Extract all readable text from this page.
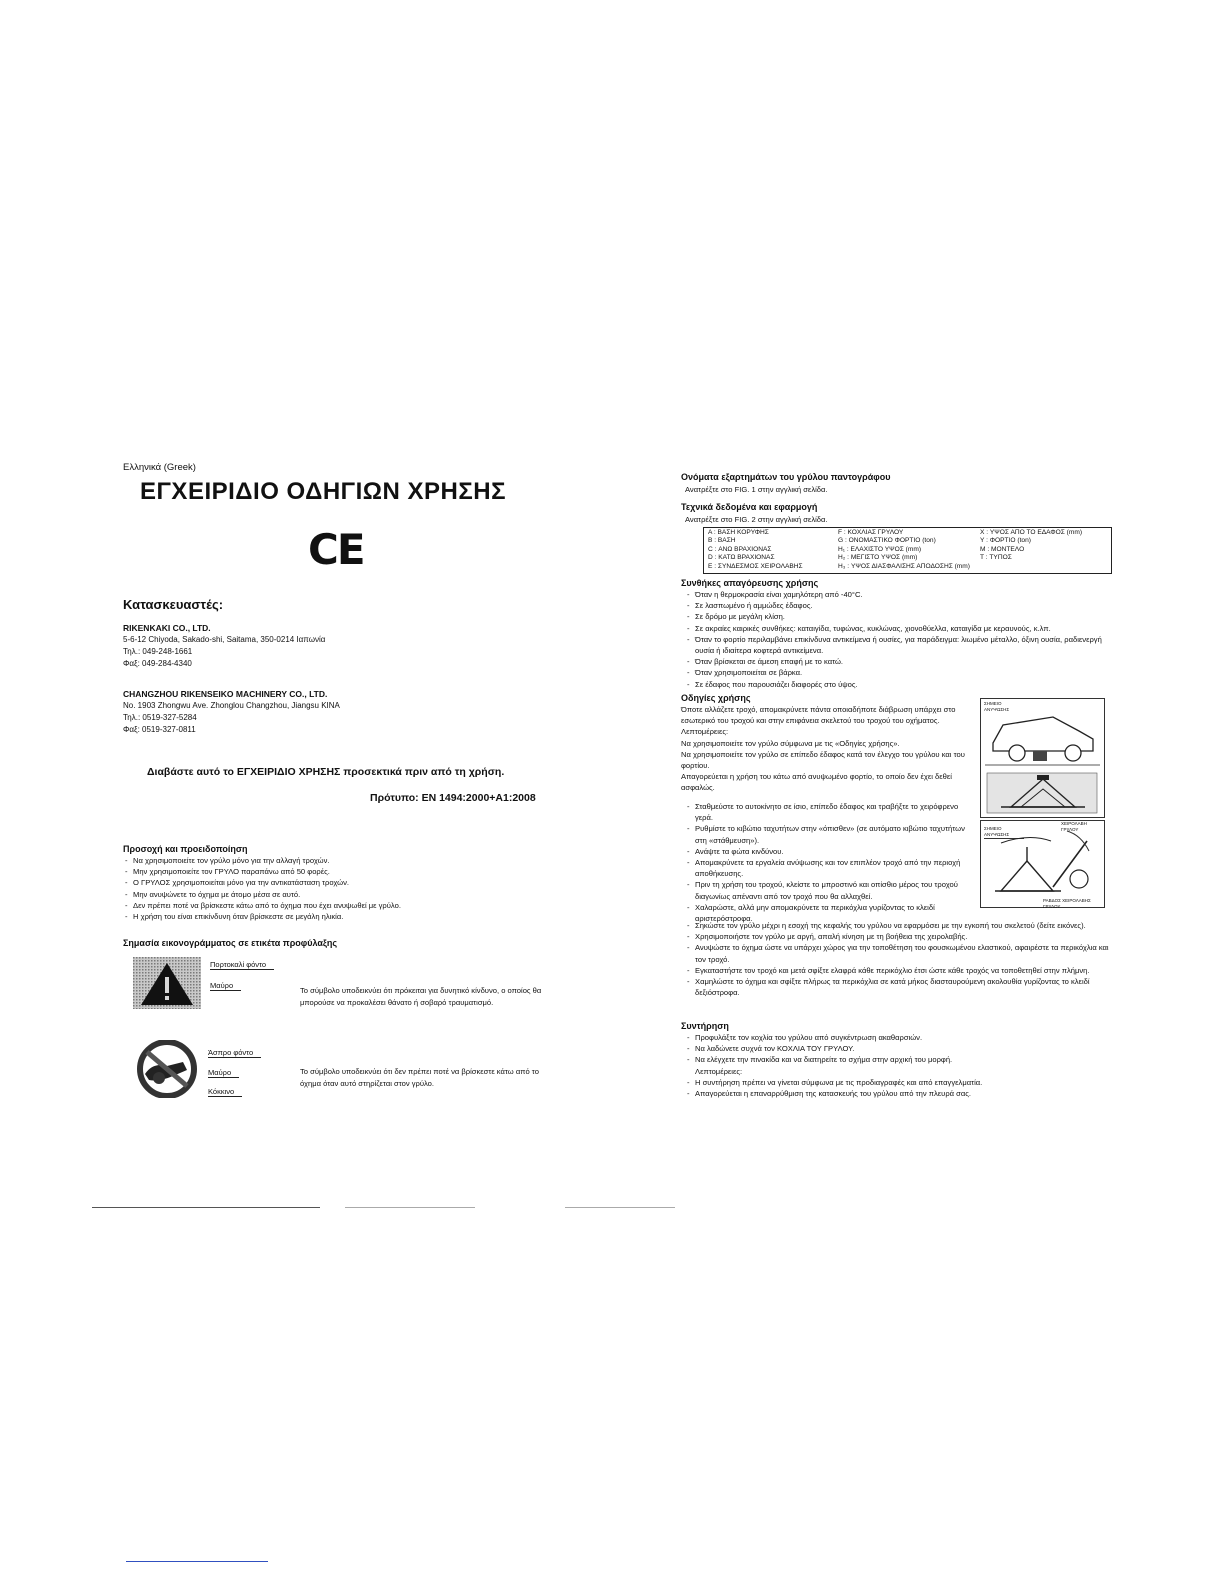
Ελληνικά (Greek)
ΕΓΧΕΙΡΙΔΙΟ ΟΔΗΓΙΩΝ ΧΡΗΣΗΣ
CE
Κατασκευαστές:
RIKENKAKI CO., LTD.
5-6-12 Chiyoda, Sakado-shi, Saitama, 350-0214 Ιαπωνία
Τηλ.: 049-248-1661
Φαξ: 049-284-4340
CHANGZHOU RIKENSEIKO MACHINERY CO., LTD.
No. 1903 Zhongwu Ave. Zhonglou Changzhou, Jiangsu KINA
Τηλ.: 0519-327-5284
Φαξ: 0519-327-0811
Διαβάστε αυτό το ΕΓΧΕΙΡΙΔΙΟ ΧΡΗΣΗΣ προσεκτικά πριν από τη χρήση.
Πρότυπο: EN 1494:2000+A1:2008
Προσοχή και προειδοποίηση
- Να χρησιμοποιείτε τον γρύλο μόνο για την αλλαγή τροχών.
- Μην χρησιμοποιείτε τον ΓΡΥΛΟ παραπάνω από 50 φορές.
- Ο ΓΡΥΛΟΣ χρησιμοποιείται μόνο για την αντικατάσταση τροχών.
- Μην ανυψώνετε το όχημα με άτομο μέσα σε αυτό.
- Δεν πρέπει ποτέ να βρίσκεστε κάτω από το όχημα που έχει ανυψωθεί με γρύλο.
- Η χρήση του είναι επικίνδυνη όταν βρίσκεστε σε μεγάλη ηλικία.
Σημασία εικονογράμματος σε ετικέτα προφύλαξης
Πορτοκαλί φόντο
Μαύρο
Το σύμβολο υποδεικνύει ότι πρόκειται για δυνητικό κίνδυνο, ο οποίος θα μπορούσε να προκαλέσει θάνατο ή σοβαρό τραυματισμό.
Άσπρο φόντο
Μαύρο
Κόκκινο
Το σύμβολο υποδεικνύει ότι δεν πρέπει ποτέ να βρίσκεστε κάτω από το όχημα όταν αυτό στηρίζεται στον γρύλο.
Ονόματα εξαρτημάτων του γρύλου παντογράφου
Ανατρέξτε στο FIG. 1 στην αγγλική σελίδα.
Τεχνικά δεδομένα και εφαρμογή
Ανατρέξτε στο FIG. 2 στην αγγλική σελίδα.
A : ΒΑΣΗ ΚΟΡΥΦΗΣ
B : ΒΑΣΗ
C : ΑΝΩ ΒΡΑΧΙΟΝΑΣ
D : ΚΑΤΩ ΒΡΑΧΙΟΝΑΣ
E : ΣΥΝΔΕΣΜΟΣ ΧΕΙΡΟΛΑΒΗΣ
F : ΚΟΧΛΙΑΣ ΓΡΥΛΟΥ
G : ΟΝΟΜΑΣΤΙΚΟ ΦΟΡΤΙΟ (ton)
H₁ : ΕΛΑΧΙΣΤΟ ΥΨΟΣ (mm)
H₂ : ΜΕΓΙΣΤΟ ΥΨΟΣ (mm)
H₃ : ΥΨΟΣ ΔΙΑΣΦΑΛΙΣΗΣ ΑΠΟΔΟΣΗΣ (mm)
X : ΥΨΟΣ ΑΠΟ ΤΟ ΕΔΑΦΟΣ (mm)
Y : ΦΟΡΤΙΟ (ton)
M : ΜΟΝΤΕΛΟ
T : ΤΥΠΟΣ
Συνθήκες απαγόρευσης χρήσης
- Όταν η θερμοκρασία είναι χαμηλότερη από -40°C.
- Σε λασπωμένο ή αμμώδες έδαφος.
- Σε δρόμο με μεγάλη κλίση.
- Σε ακραίες καιρικές συνθήκες: καταιγίδα, τυφώνας, κυκλώνας, χιονοθύελλα, καταιγίδα με κεραυνούς, κ.λπ.
- Όταν το φορτίο περιλαμβάνει επικίνδυνα αντικείμενα ή ουσίες, για παράδειγμα: λιωμένο μέταλλο, όξινη ουσία, ραδιενεργή ουσία ή ιδιαίτερα κοφτερά αντικείμενα.
- Όταν βρίσκεται σε άμεση επαφή με το κατώ.
- Όταν χρησιμοποιείται σε βάρκα.
- Σε έδαφος που παρουσιάζει διαφορές στο ύψος.
Οδηγίες χρήσης
Όποτε αλλάζετε τροχό, απομακρύνετε πάντα οποιαδήποτε διάβρωση υπάρχει στο εσωτερικό του τροχού και στην επιφάνεια σκελετού του τροχού του οχήματος.
Λεπτομέρειες:
Να χρησιμοποιείτε τον γρύλο σύμφωνα με τις «Οδηγίες χρήσης».
Να χρησιμοποιείτε τον γρύλο σε επίπεδο έδαφος κατά τον έλεγχο του γρύλου και του φορτίου.
Απαγορεύεται η χρήση του κάτω από ανυψωμένο φορτίο, το οποίο δεν έχει δεθεί ασφαλώς.
- Σταθμεύστε το αυτοκίνητο σε ίσιο, επίπεδο έδαφος και τραβήξτε το χειρόφρενο γερά.
- Ρυθμίστε το κιβώτιο ταχυτήτων στην «όπισθεν» (σε αυτόματο κιβώτιο ταχυτήτων στη «στάθμευση»).
- Ανάψτε τα φώτα κινδύνου.
- Απομακρύνετε τα εργαλεία ανύψωσης και τον επιπλέον τροχό από την περιοχή αποθήκευσης.
- Πριν τη χρήση του τροχού, κλείστε το μπροστινό και οπίσθιο μέρος του τροχού διαγωνίως απέναντι από τον τροχό που θα αλλαχθεί.
- Χαλαρώστε, αλλά μην απομακρύνετε τα περικόχλια γυρίζοντας το κλειδί αριστερόστροφα.
- Σηκώστε τον γρύλο μέχρι η εσοχή της κεφαλής του γρύλου να εφαρμόσει με την εγκοπή του σκελετού (δείτε εικόνες).
- Χρησιμοποιήστε τον γρύλο με αργή, απαλή κίνηση με τη βοήθεια της χειρολαβής.
- Ανυψώστε το όχημα ώστε να υπάρχει χώρος για την τοποθέτηση του φουσκωμένου ελαστικού, αφαιρέστε τα περικόχλια και τον τροχό.
- Εγκαταστήστε τον τροχό και μετά σφίξτε ελαφρά κάθε περικόχλιο έτσι ώστε κάθε τροχός να τοποθετηθεί στην πλήμνη.
- Χαμηλώστε το όχημα και σφίξτε πλήρως τα περικόχλια σε κατά μήκος διασταυρούμενη ακολουθία γυρίζοντας το κλειδί δεξιόστροφα.
ΣΗΜΕΙΟ ΑΝΥΨΩΣΗΣ
ΣΗΜΕΙΟ ΑΝΥΨΩΣΗΣ
ΧΕΙΡΟΛΑΒΗ ΓΡΥΛΟΥ
ΡΑΒΔΟΣ ΧΕΙΡΟΛΑΒΗΣ ΓΡΥΛΟΥ
Συντήρηση
- Προφυλάξτε τον κοχλία του γρύλου από συγκέντρωση ακαθαρσιών.
- Να λαδώνετε συχνά τον ΚΟΧΛΙΑ ΤΟΥ ΓΡΥΛΟΥ.
- Να ελέγχετε την πινακίδα και να διατηρείτε το σχήμα στην αρχική του μορφή.
Λεπτομέρειες:
- Η συντήρηση πρέπει να γίνεται σύμφωνα με τις προδιαγραφές και από επαγγελματία.
- Απαγορεύεται η επαναρρύθμιση της κατασκευής του γρύλου από την πλευρά σας.
